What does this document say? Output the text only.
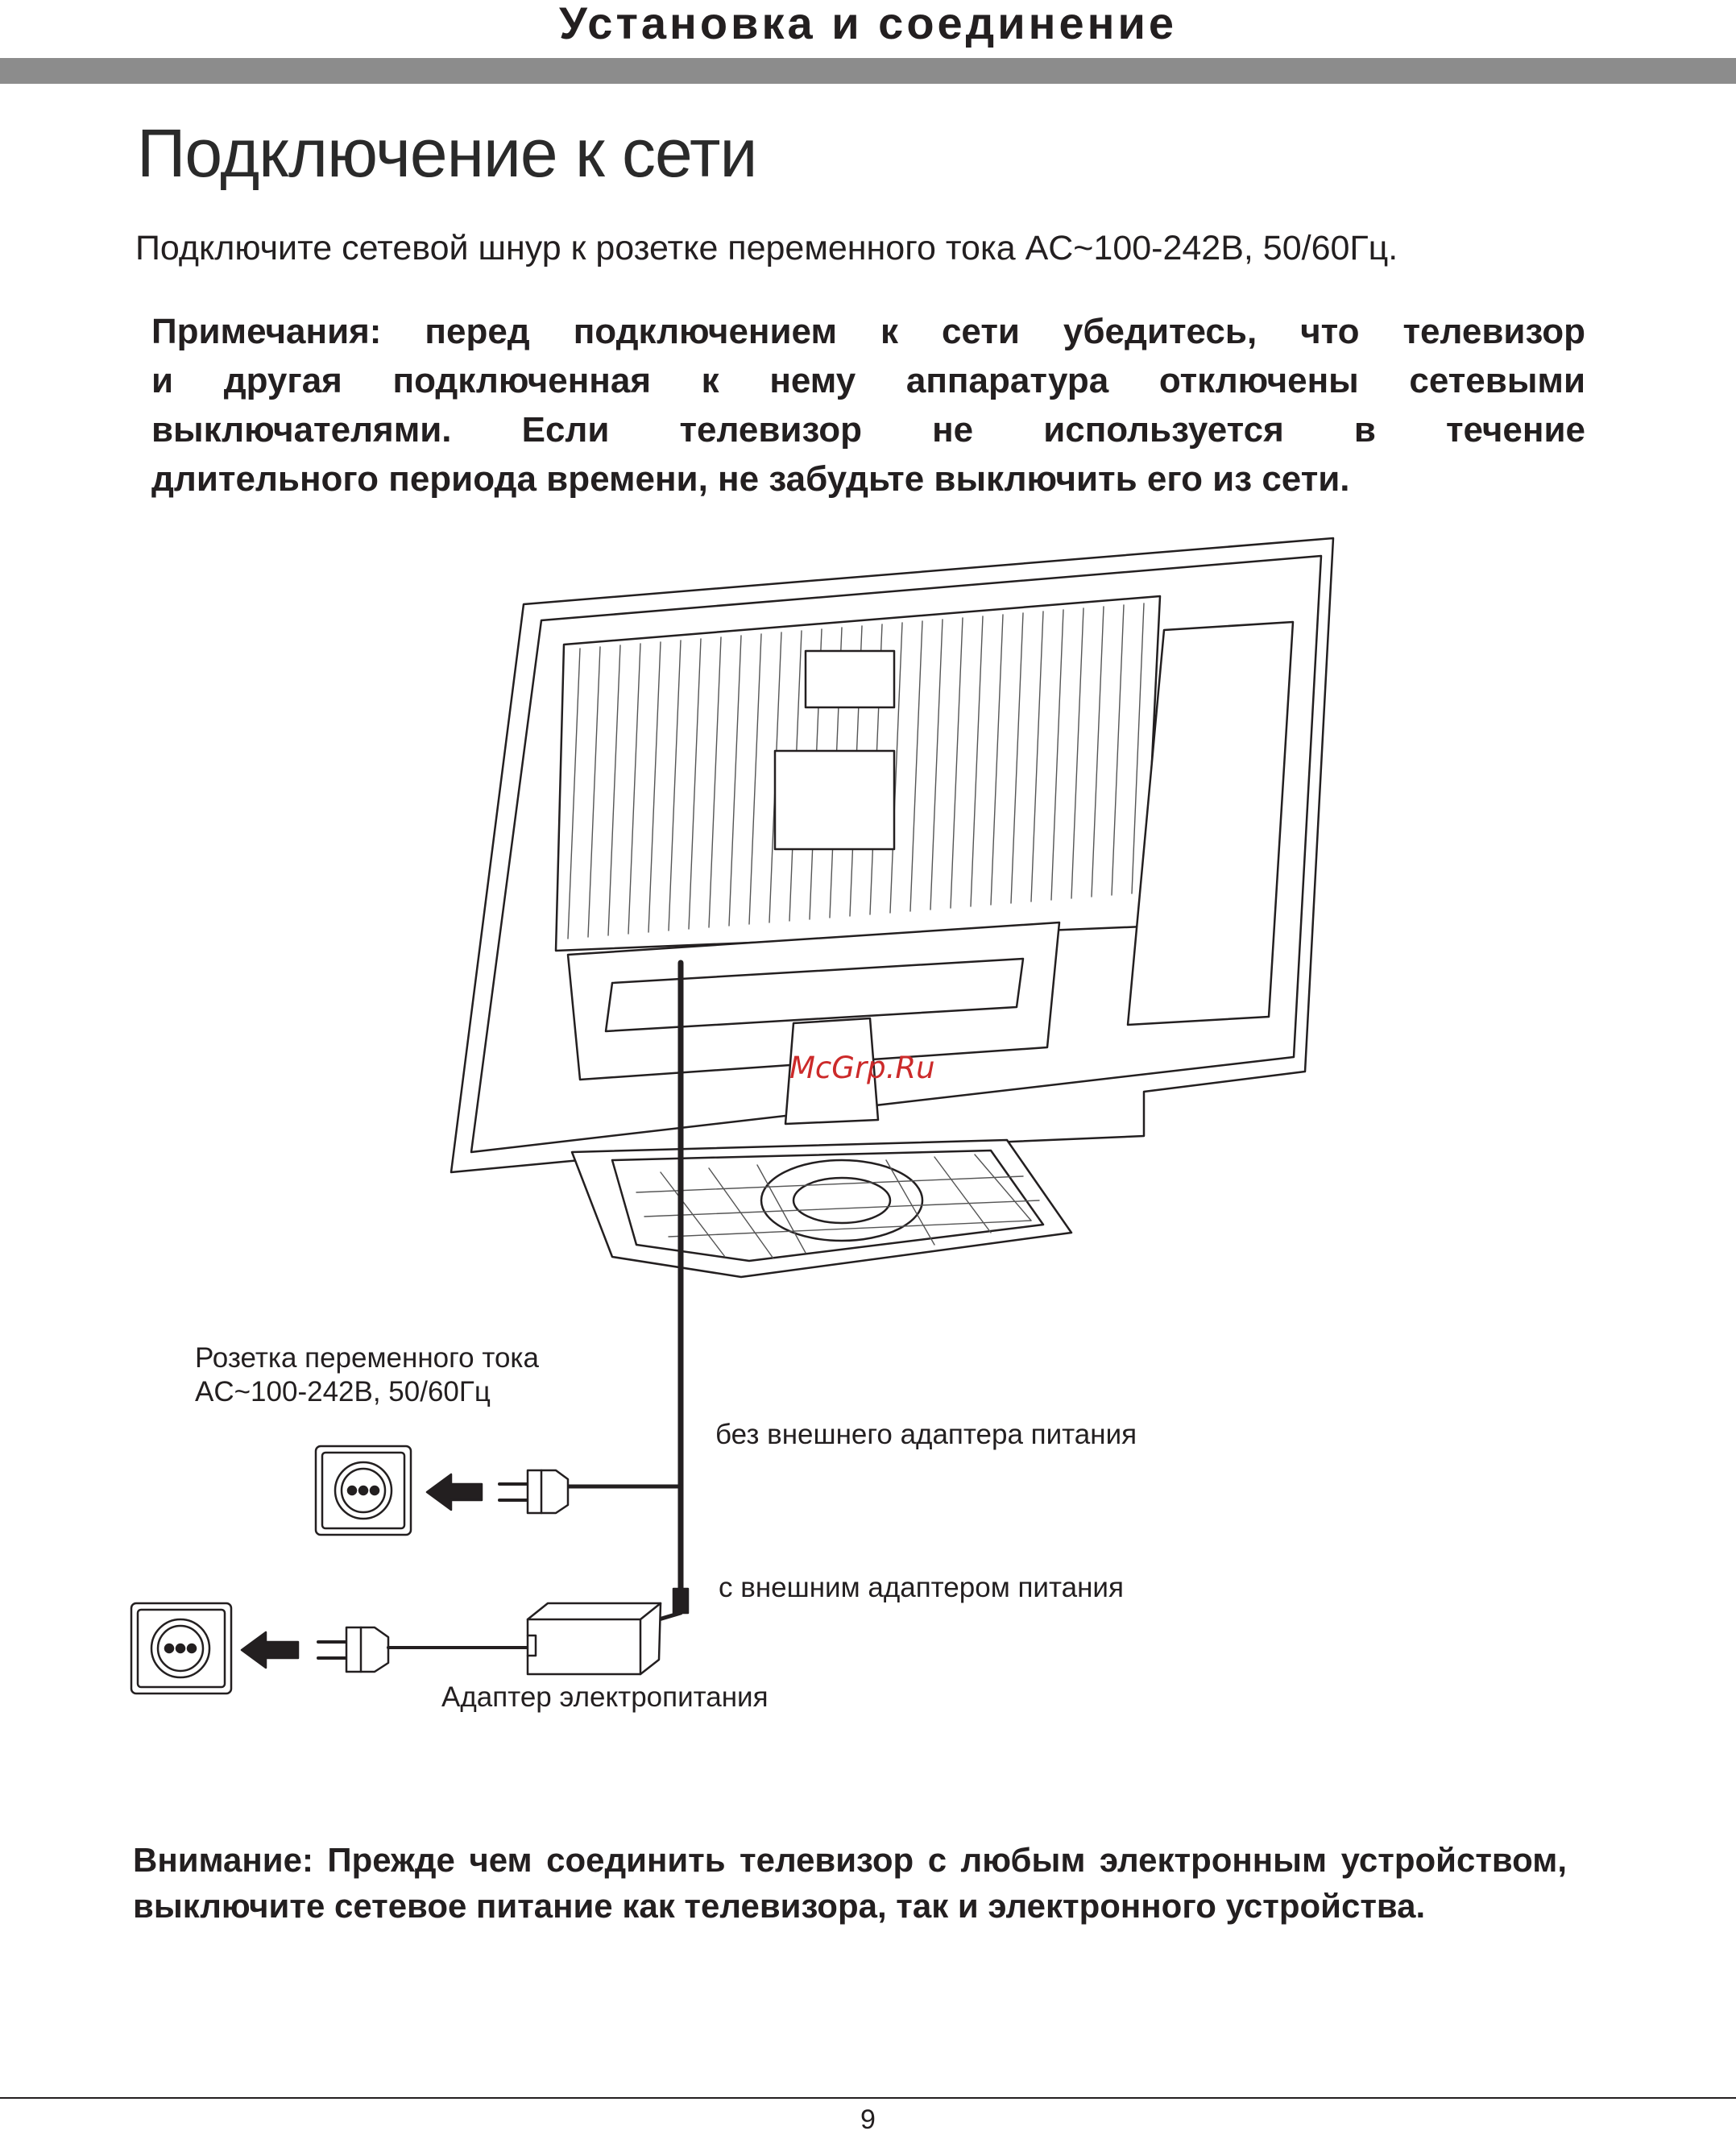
Установка и соединение
Подключение к сети
Подключите сетевой шнур к розетке переменного тока AC~100-242В, 50/60Гц.
Примечания: перед подключением к сети убедитесь, что телевизор
и другая подключенная к нему аппаратура отключены сетевыми
выключателями. Если телевизор не используется в течение
длительного периода времени, не забудьте выключить его из сети.
McGrp.Ru
Розетка переменного тока
AC~100-242В, 50/60Гц
без внешнего адаптера питания
с внешним адаптером питания
Адаптер электропитания
Внимание: Прежде чем соединить телевизор с любым электронным устройством, выключите сетевое питание как телевизора, так и электронного устройства.
9
